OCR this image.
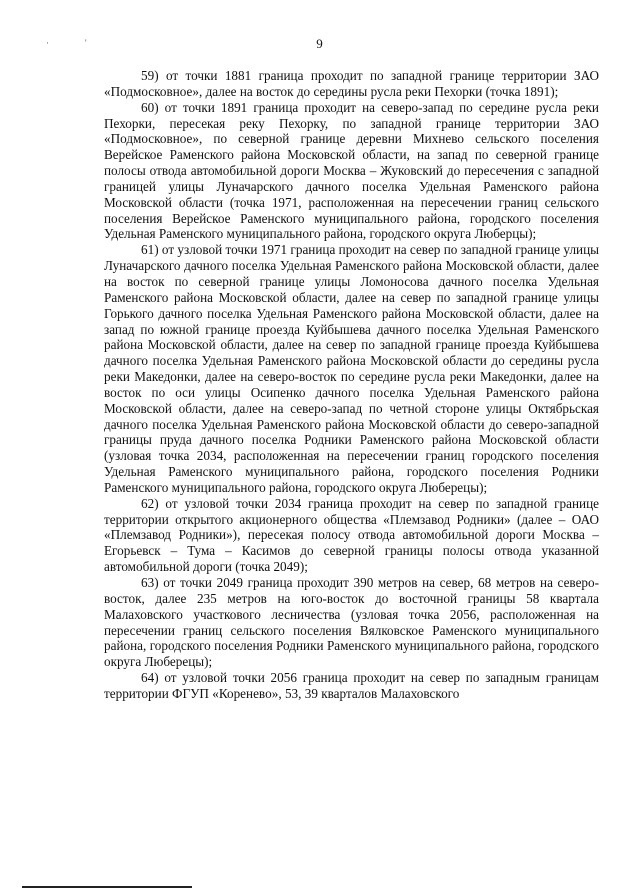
·	'	9

59) от точки 1881 граница проходит по западной границе территории ЗАО «Подмосковное», далее на восток до середины русла реки Пехорки (точка 1891);

60) от точки 1891 граница проходит на северо-запад по середине русла реки Пехорки, пересекая реку Пехорку, по западной границе территории ЗАО «Подмосковное», по северной границе деревни Михнево сельского поселения Верейское Раменского района Московской области, на запад по северной границе полосы отвода автомобильной дороги Москва – Жуковский до пересечения с западной границей улицы Луначарского дачного поселка Удельная Раменского района Московской области (точка 1971, расположенная на пересечении границ сельского поселения Верейское Раменского муниципального района, городского поселения Удельная Раменского муниципального района, городского округа Люберцы);

61) от узловой точки 1971 граница проходит на север по западной границе улицы Луначарского дачного поселка Удельная Раменского района Московской области, далее на восток по северной границе улицы Ломоносова дачного поселка Удельная Раменского района Московской области, далее на север по западной границе улицы Горького дачного поселка Удельная Раменского района Московской области, далее на запад по южной границе проезда Куйбышева дачного поселка Удельная Раменского района Московской области, далее на север по западной границе проезда Куйбышева дачного поселка Удельная Раменского района Московской области до середины русла реки Македонки, далее на северо-восток по середине русла реки Македонки, далее на восток по оси улицы Осипенко дачного поселка Удельная Раменского района Московской области, далее на северо-запад по четной стороне улицы Октябрьская дачного поселка Удельная Раменского района Московской области до северо-западной границы пруда дачного поселка Родники Раменского района Московской области (узловая точка 2034, расположенная на пересечении границ городского поселения Удельная Раменского муниципального района, городского поселения Родники Раменского муниципального района, городского округа Люберецы);

62) от узловой точки 2034 граница проходит на север по западной границе территории открытого акционерного общества «Племзавод Родники» (далее – ОАО «Племзавод Родники»), пересекая полосу отвода автомобильной дороги Москва – Егорьевск – Тума – Касимов до северной границы полосы отвода указанной автомобильной дороги (точка 2049);

63) от точки 2049 граница проходит 390 метров на север, 68 метров на северо-восток, далее 235 метров на юго-восток до восточной границы 58 квартала Малаховского участкового лесничества (узловая точка 2056, расположенная на пересечении границ сельского поселения Вялковское Раменского муниципального района, городского поселения Родники Раменского муниципального района, городского округа Люберецы);

64) от узловой точки 2056 граница проходит на север по западным границам территории ФГУП «Кореневo», 53, 39 кварталов Малаховского
